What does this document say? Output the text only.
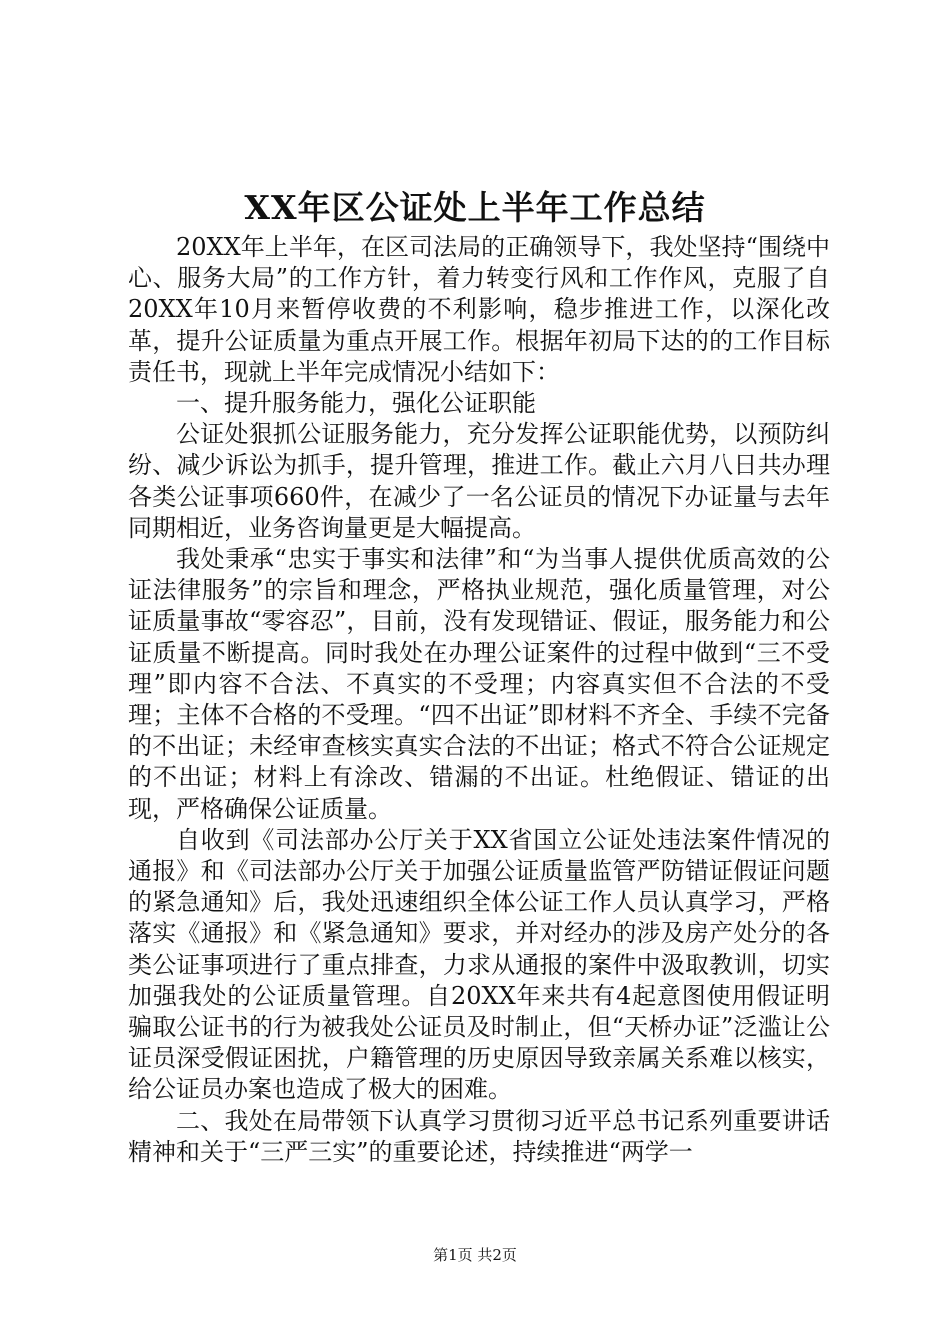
XX年区公证处上半年工作总结

20XX年上半年，在区司法局的正确领导下，我处坚持“围绕中心、服务大局”的工作方针，着力转变行风和工作作风，克服了自20XX年10月来暂停收费的不利影响，稳步推进工作，以深化改革，提升公证质量为重点开展工作。根据年初局下达的的工作目标责任书，现就上半年完成情况小结如下：

一、提升服务能力，强化公证职能

公证处狠抓公证服务能力，充分发挥公证职能优势，以预防纠纷、减少诉讼为抓手，提升管理，推进工作。截止六月八日共办理各类公证事项660件，在减少了一名公证员的情况下办证量与去年同期相近，业务咨询量更是大幅提高。

我处秉承“忠实于事实和法律”和“为当事人提供优质高效的公证法律服务”的宗旨和理念，严格执业规范，强化质量管理，对公证质量事故“零容忍”，目前，没有发现错证、假证，服务能力和公证质量不断提高。同时我处在办理公证案件的过程中做到“三不受理”即内容不合法、不真实的不受理；内容真实但不合法的不受理；主体不合格的不受理。“四不出证”即材料不齐全、手续不完备的不出证；未经审查核实真实合法的不出证；格式不符合公证规定的不出证；材料上有涂改、错漏的不出证。杜绝假证、错证的出现，严格确保公证质量。

自收到《司法部办公厅关于XX省国立公证处违法案件情况的通报》和《司法部办公厅关于加强公证质量监管严防错证假证问题的紧急通知》后，我处迅速组织全体公证工作人员认真学习，严格落实《通报》和《紧急通知》要求，并对经办的涉及房产处分的各类公证事项进行了重点排查，力求从通报的案件中汲取教训，切实加强我处的公证质量管理。自20XX年来共有4起意图使用假证明骗取公证书的行为被我处公证员及时制止，但“天桥办证”泛滥让公证员深受假证困扰，户籍管理的历史原因导致亲属关系难以核实，给公证员办案也造成了极大的困难。

二、我处在局带领下认真学习贯彻习近平总书记系列重要讲话精神和关于“三严三实”的重要论述，持续推进“两学一

第1页 共2页
